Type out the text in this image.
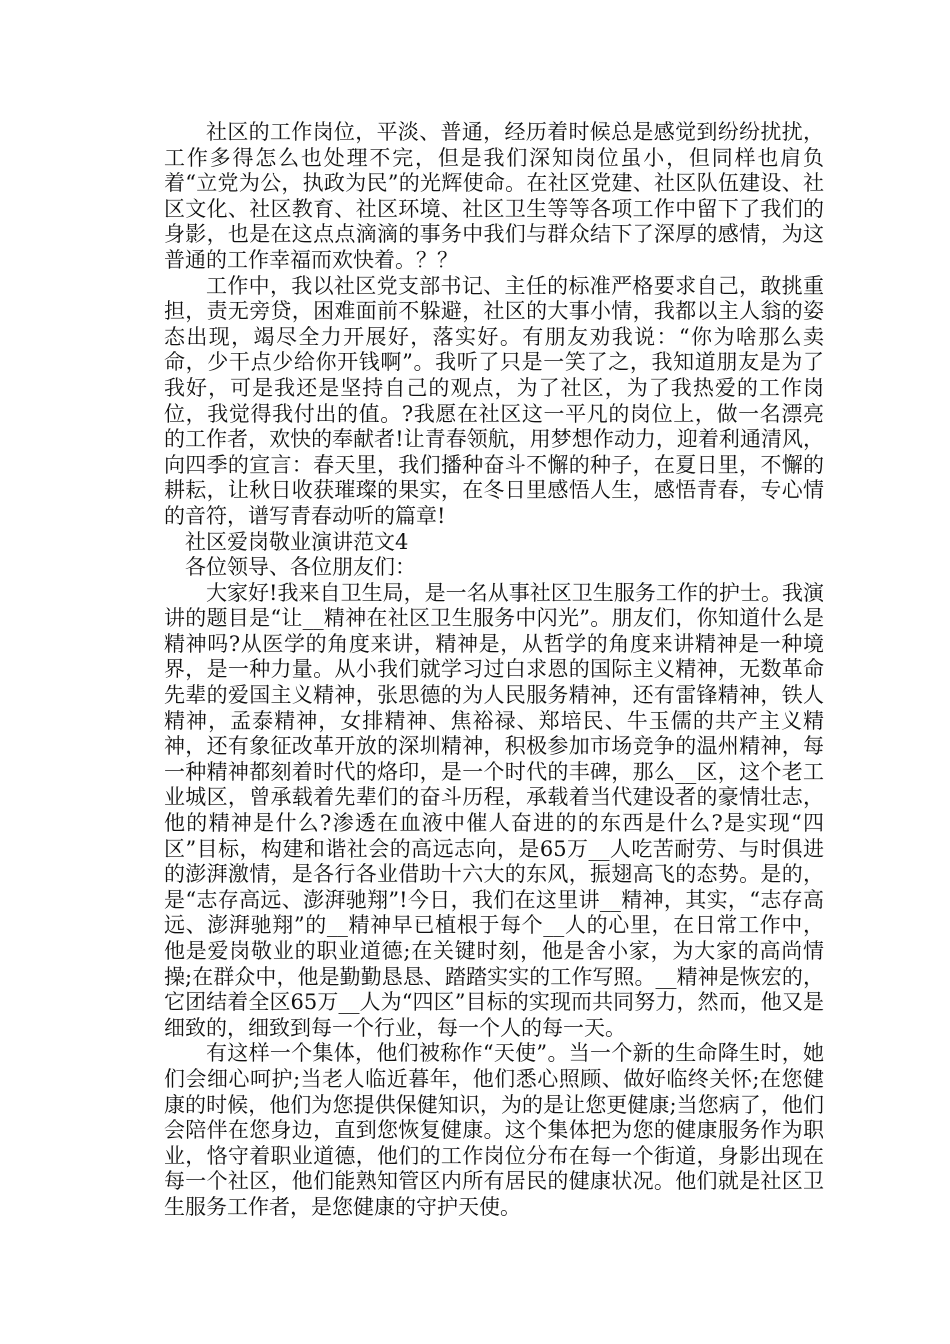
社区的工作岗位，平淡、普通，经历着时候总是感觉到纷纷扰扰，工作多得怎么也处理不完，但是我们深知岗位虽小，但同样也肩负着“立党为公，执政为民”的光辉使命。在社区党建、社区队伍建设、社区文化、社区教育、社区环境、社区卫生等等各项工作中留下了我们的身影，也是在这点点滴滴的事务中我们与群众结下了深厚的感情，为这普通的工作幸福而欢快着。？？

工作中，我以社区党支部书记、主任的标准严格要求自己，敢挑重担，责无旁贷，困难面前不躲避，社区的大事小情，我都以主人翁的姿态出现，竭尽全力开展好，落实好。有朋友劝我说：“你为啥那么卖命，少干点少给你开钱啊”。我听了只是一笑了之，我知道朋友是为了我好，可是我还是坚持自己的观点，为了社区，为了我热爱的工作岗位，我觉得我付出的值。?我愿在社区这一平凡的岗位上，做一名漂亮的工作者，欢快的奉献者!让青春领航，用梦想作动力，迎着利通清风，向四季的宣言：春天里，我们播种奋斗不懈的种子，在夏日里，不懈的耕耘，让秋日收获璀璨的果实，在冬日里感悟人生，感悟青春，专心情的音符，谱写青春动听的篇章!

社区爱岗敬业演讲范文4

各位领导、各位朋友们：

大家好!我来自卫生局，是一名从事社区卫生服务工作的护士。我演讲的题目是“让__精神在社区卫生服务中闪光”。朋友们，你知道什么是精神吗?从医学的角度来讲，精神是，从哲学的角度来讲精神是一种境界，是一种力量。从小我们就学习过白求恩的国际主义精神，无数革命先辈的爱国主义精神，张思德的为人民服务精神，还有雷锋精神，铁人精神，孟泰精神，女排精神、焦裕禄、郑培民、牛玉儒的共产主义精神，还有象征改革开放的深圳精神，积极参加市场竞争的温州精神，每一种精神都刻着时代的烙印，是一个时代的丰碑，那么__区，这个老工业城区，曾承载着先辈们的奋斗历程，承载着当代建设者的豪情壮志，他的精神是什么?渗透在血液中催人奋进的的东西是什么?是实现“四区”目标，构建和谐社会的高远志向，是65万__人吃苦耐劳、与时俱进的澎湃激情，是各行各业借助十六大的东风，振翅高飞的态势。是的，是“志存高远、澎湃驰翔”!今日，我们在这里讲__精神，其实，“志存高远、澎湃驰翔”的__精神早已植根于每个__人的心里，在日常工作中，他是爱岗敬业的职业道德;在关键时刻，他是舍小家，为大家的高尚情操;在群众中，他是勤勤恳恳、踏踏实实的工作写照。__精神是恢宏的，它团结着全区65万__人为“四区”目标的实现而共同努力，然而，他又是细致的，细致到每一个行业，每一个人的每一天。

有这样一个集体，他们被称作“天使”。当一个新的生命降生时，她们会细心呵护;当老人临近暮年，他们悉心照顾、做好临终关怀;在您健康的时候，他们为您提供保健知识，为的是让您更健康;当您病了，他们会陪伴在您身边，直到您恢复健康。这个集体把为您的健康服务作为职业，恪守着职业道德，他们的工作岗位分布在每一个街道，身影出现在每一个社区，他们能熟知管区内所有居民的健康状况。他们就是社区卫生服务工作者，是您健康的守护天使。
